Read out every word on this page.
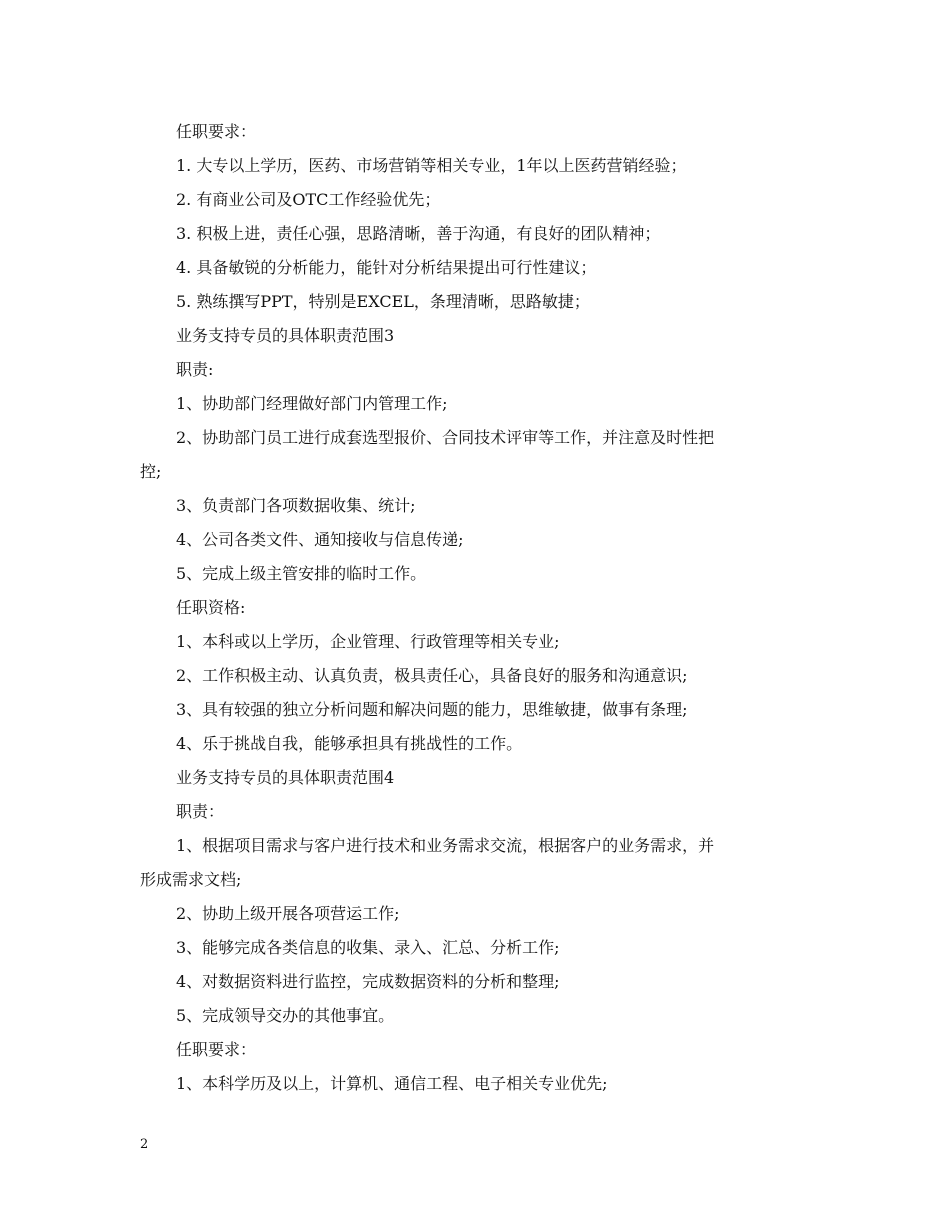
任职要求：

1. 大专以上学历，医药、市场营销等相关专业，1年以上医药营销经验；

2. 有商业公司及OTC工作经验优先；

3. 积极上进，责任心强，思路清晰，善于沟通，有良好的团队精神；

4. 具备敏锐的分析能力，能针对分析结果提出可行性建议；

5. 熟练撰写PPT，特别是EXCEL，条理清晰，思路敏捷；

业务支持专员的具体职责范围3

职责:

1、协助部门经理做好部门内管理工作;

2、协助部门员工进行成套选型报价、合同技术评审等工作，并注意及时性把

控;

3、负责部门各项数据收集、统计;

4、公司各类文件、通知接收与信息传递;

5、完成上级主管安排的临时工作。

任职资格:

1、本科或以上学历，企业管理、行政管理等相关专业;

2、工作积极主动、认真负责，极具责任心，具备良好的服务和沟通意识;

3、具有较强的独立分析问题和解决问题的能力，思维敏捷，做事有条理;

4、乐于挑战自我，能够承担具有挑战性的工作。

业务支持专员的具体职责范围4

职责：

1、根据项目需求与客户进行技术和业务需求交流，根据客户的业务需求，并

形成需求文档;

2、协助上级开展各项营运工作;

3、能够完成各类信息的收集、录入、汇总、分析工作;

4、对数据资料进行监控，完成数据资料的分析和整理;

5、完成领导交办的其他事宜。

任职要求：

1、本科学历及以上，计算机、通信工程、电子相关专业优先;

2
